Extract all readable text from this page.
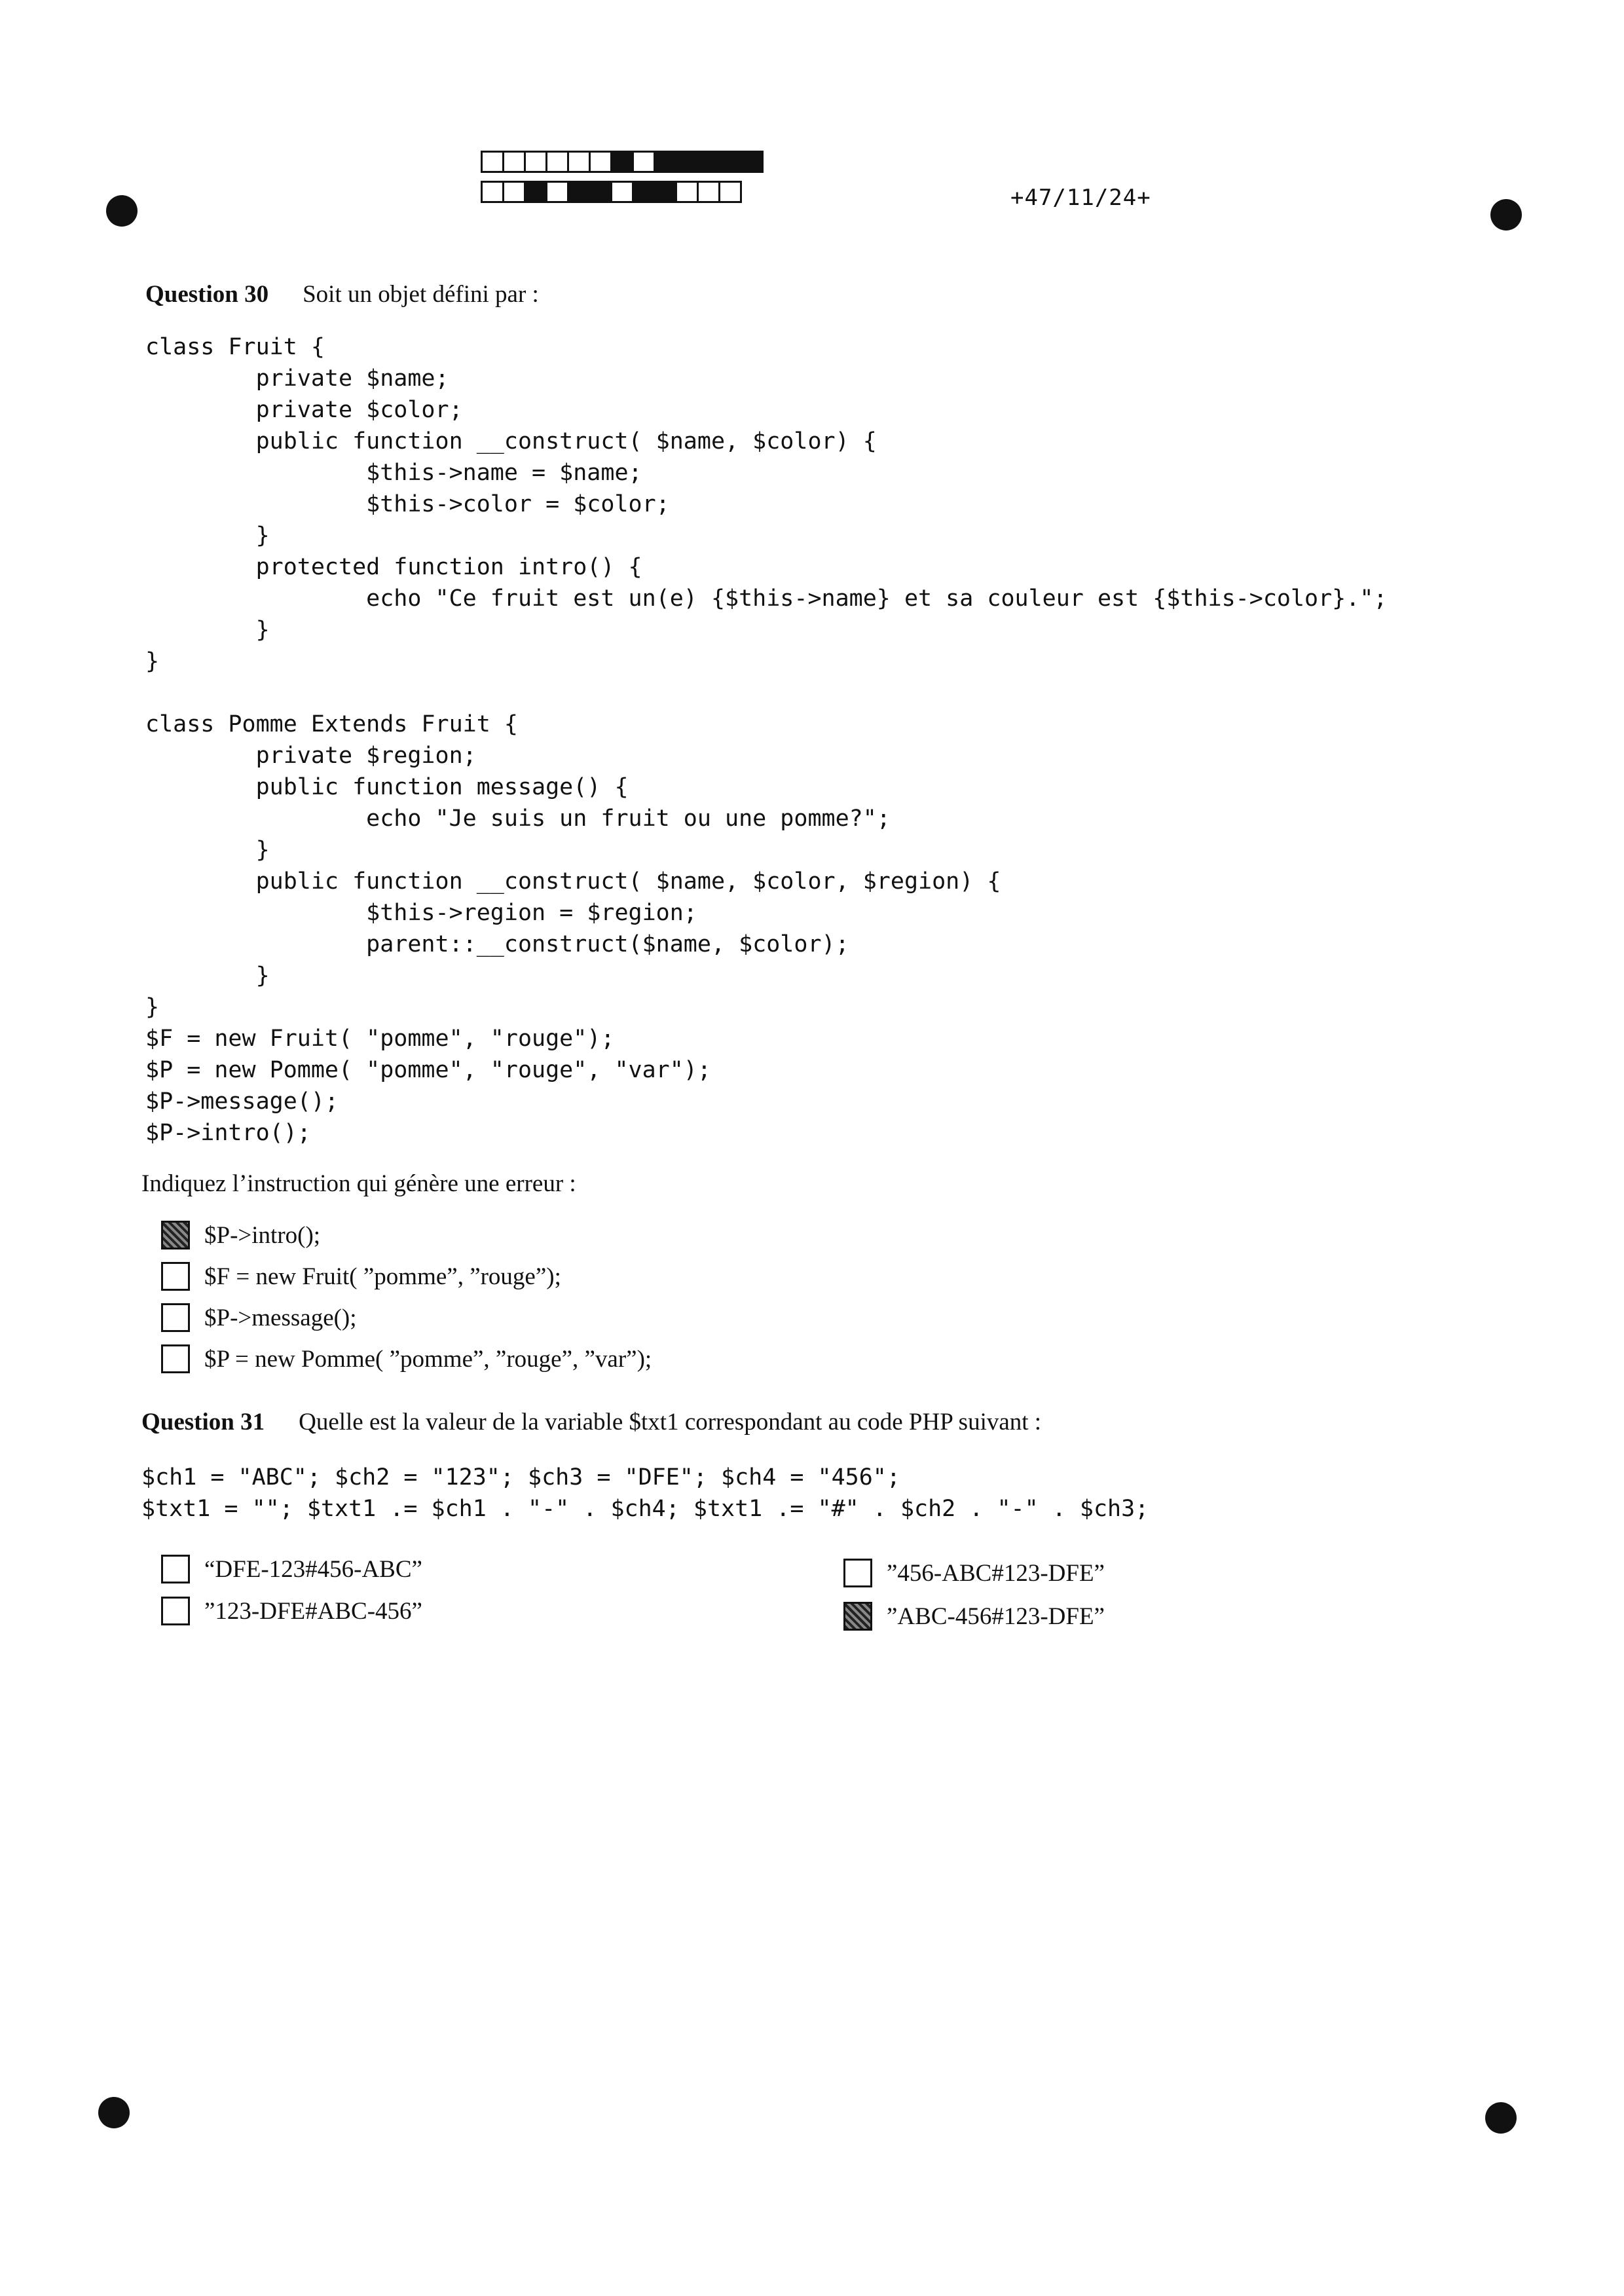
+47/11/24+
Question 30 Soit un objet défini par :
class Fruit {
private $name;
private $color;
public function __construct( $name, $color) {
$this->name = $name;
$this->color = $color;
}
protected function intro() {
echo "Ce fruit est un(e) {$this->name} et sa couleur est {$this->color}.";
}
}

class Pomme Extends Fruit {
private $region;
public function message() {
echo "Je suis un fruit ou une pomme?";
}
public function __construct( $name, $color, $region) {
$this->region = $region;
parent::__construct($name, $color);
}
}
$F = new Fruit( "pomme", "rouge");
$P = new Pomme( "pomme", "rouge", "var");
$P->message();
$P->intro();
Indiquez l’instruction qui génère une erreur :
$P->intro();
$F = new Fruit( ”pomme”, ”rouge”);
$P->message();
$P = new Pomme( ”pomme”, ”rouge”, ”var”);
Question 31 Quelle est la valeur de la variable $txt1 correspondant au code PHP suivant :
$ch1 = "ABC"; $ch2 = "123"; $ch3 = "DFE"; $ch4 = "456";
$txt1 = ""; $txt1 .= $ch1 . "-" . $ch4; $txt1 .= "#" . $ch2 . "-" . $ch3;
“DFE-123#456-ABC”
”123-DFE#ABC-456”
”456-ABC#123-DFE”
”ABC-456#123-DFE”
